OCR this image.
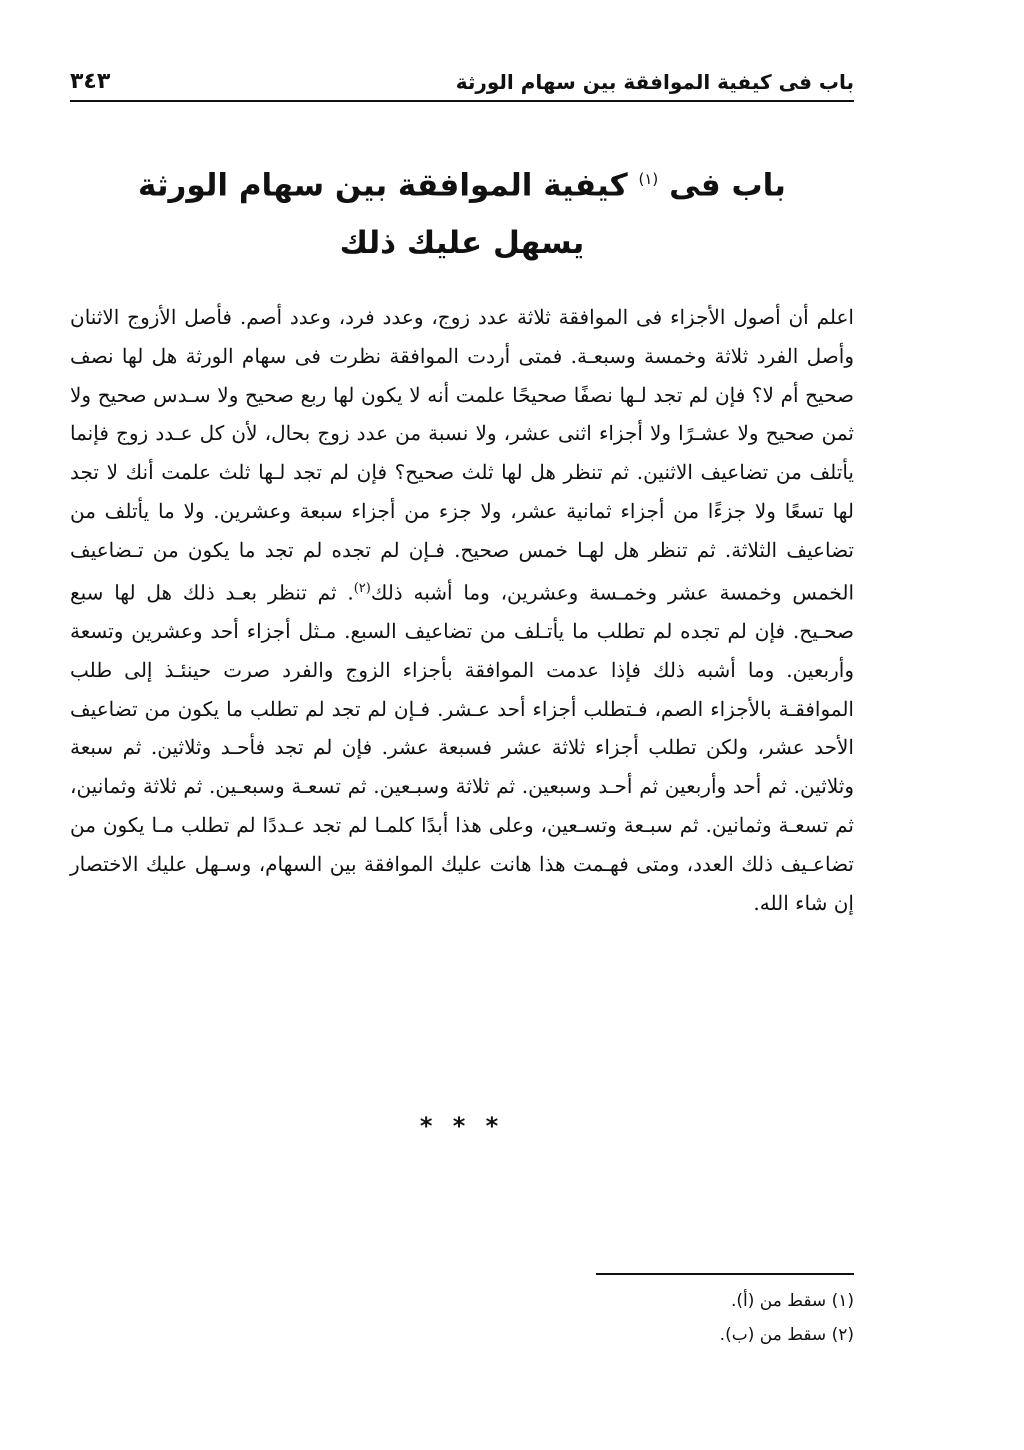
باب فى كيفية الموافقة بين سهام الورثة
٣٤٣
باب فى $^{(١)}$ كيفية الموافقة بين سهام الورثة
يسهل عليك ذلك
اعلم أن أصول الأجزاء فى الموافقة ثلاثة عدد زوج، وعدد فرد، وعدد أصم. فأصل الأزوج الاثنان وأصل الفرد ثلاثة وخمسة وسبعـة. فمتى أردت الموافقة نظرت فى سهام الورثة هل لها نصف صحيح أم لا؟ فإن لم تجد لـها نصفًا صحيحًا علمت أنه لا يكون لها ربع صحيح ولا سـدس صحيح ولا ثمن صحيح ولا عشـرًا ولا أجزاء اثنى عشر، ولا نسبة من عدد زوج بحال، لأن كل عـدد زوج فإنما يأتلف من تضاعيف الاثنين. ثم تنظر هل لها ثلث صحيح؟ فإن لم تجد لـها ثلث علمت أنك لا تجد لها تسعًا ولا جزءًا من أجزاء ثمانية عشر، ولا جزء من أجزاء سبعة وعشرين. ولا ما يأتلف من تضاعيف الثلاثة. ثم تنظر هل لهـا خمس صحيح. فـإن لم تجده لم تجد ما يكون من تـضاعيف الخمس وخمسة عشر وخمـسة وعشرين، وما أشبه ذلك$^{(٢)}$. ثم تنظر بعـد ذلك هل لها سبع صحـيح. فإن لم تجده لم تطلب ما يأتـلف من تضاعيف السبع. مـثل أجزاء أحد وعشرين وتسعة وأربعين. وما أشبه ذلك فإذا عدمت الموافقة بأجزاء الزوج والفرد صرت حينئـذ إلى طلب الموافقـة بالأجزاء الصم، فـتطلب أجزاء أحد عـشر. فـإن لم تجد لم تطلب ما يكون من تضاعيف الأحد عشر، ولكن تطلب أجزاء ثلاثة عشر فسبعة عشر. فإن لم تجد فأحـد وثلاثين. ثم سبعة وثلاثين. ثم أحد وأربعين ثم أحـد وسبعين. ثم ثلاثة وسبـعين. ثم تسعـة وسبعـين. ثم ثلاثة وثمانين، ثم تسعـة وثمانين. ثم سبـعة وتسـعين، وعلى هذا أبدًا كلمـا لم تجد عـددًا لم تطلب مـا يكون من تضاعـيف ذلك العدد، ومتى فهـمت هذا هانت عليك الموافقة بين السهام، وسـهل عليك الاختصار إن شاء الله.
* * *
(١) سقط من (أ).
(٢) سقط من (ب).
